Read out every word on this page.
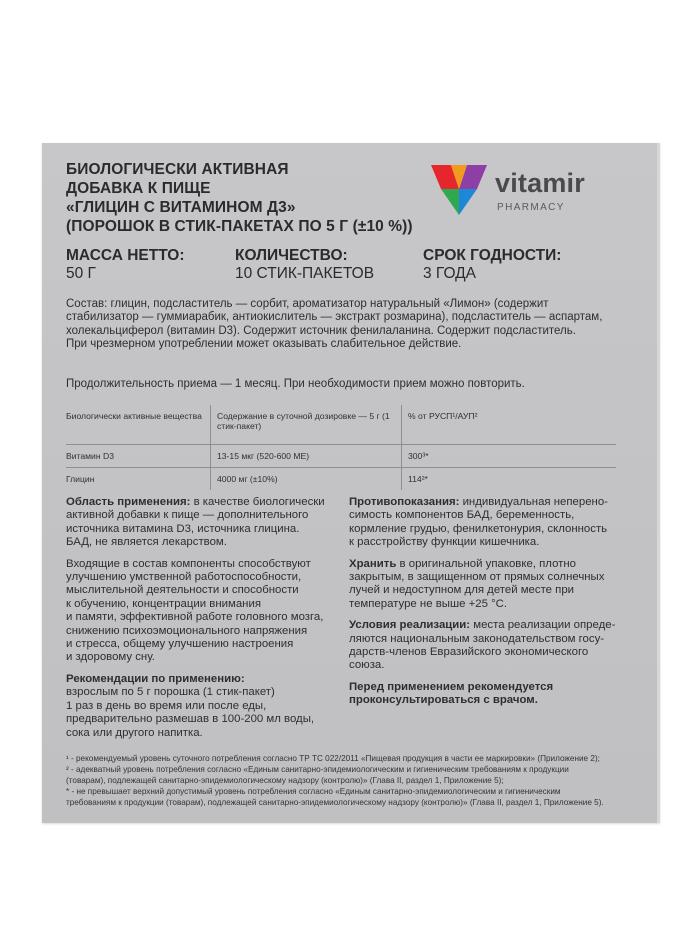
БИОЛОГИЧЕСКИ АКТИВНАЯ
ДОБАВКА К ПИЩЕ
«ГЛИЦИН С ВИТАМИНОМ Д3»
(ПОРОШОК В СТИК-ПАКЕТАХ ПО 5 Г (±10 %))
vitamir
PHARMACY
МАССА НЕТТО:
50 Г
КОЛИЧЕСТВО:
10 СТИК-ПАКЕТОВ
СРОК ГОДНОСТИ:
3 ГОДА
Состав: глицин, подсластитель — сорбит, ароматизатор натуральный «Лимон» (содержит
стабилизатор — гуммиарабик, антиокислитель — экстракт розмарина), подсластитель — аспартам,
холекальциферол (витамин D3). Содержит источник фенилаланина. Содержит подсластитель.
При чрезмерном употреблении может оказывать слабительное действие.
Продолжительность приема — 1 месяц. При необходимости прием можно повторить.
Биологически активные вещества	Содержание в суточной дозировке — 5 г (1 стик-пакет)	% от РУСП¹/АУП²
Витамин D3	13-15 мкг (520-600 МЕ)	300³*
Глицин	4000 мг (±10%)	114²*
Область применения: в качестве биологически
активной добавки к пище — дополнительного
источника витамина D3, источника глицина.
БАД, не является лекарством.
Входящие в состав компоненты способствуют
улучшению умственной работоспособности,
мыслительной деятельности и способности
к обучению, концентрации внимания
и памяти, эффективной работе головного мозга,
снижению психоэмоционального напряжения
и стресса, общему улучшению настроения
и здоровому сну.
Рекомендации по применению:
взрослым по 5 г порошка (1 стик-пакет)
1 раз в день во время или после еды,
предварительно размешав в 100-200 мл воды,
сока или другого напитка.
Противопоказания: индивидуальная неперено-
симость компонентов БАД, беременность,
кормление грудью, фенилкетонурия, склонность
к расстройству функции кишечника.
Хранить в оригинальной упаковке, плотно
закрытым, в защищенном от прямых солнечных
лучей и недоступном для детей месте при
температуре не выше +25 °C.
Условия реализации: места реализации опреде-
ляются национальным законодательством госу-
дарств-членов Евразийского экономического
союза.
Перед применением рекомендуется
проконсультироваться с врачом.
¹ - рекомендуемый уровень суточного потребления согласно ТР ТС 022/2011 «Пищевая продукция в части ее маркировки» (Приложение 2);
² - адекватный уровень потребления согласно «Единым санитарно-эпидемиологическим и гигиеническим требованиям к продукции
(товарам), подлежащей санитарно-эпидемиологическому надзору (контролю)» (Глава II, раздел 1, Приложение 5);
* - не превышает верхний допустимый уровень потребления согласно «Единым санитарно-эпидемиологическим и гигиеническим
требованиям к продукции (товарам), подлежащей санитарно-эпидемиологическому надзору (контролю)» (Глава II, раздел 1, Приложение 5).
